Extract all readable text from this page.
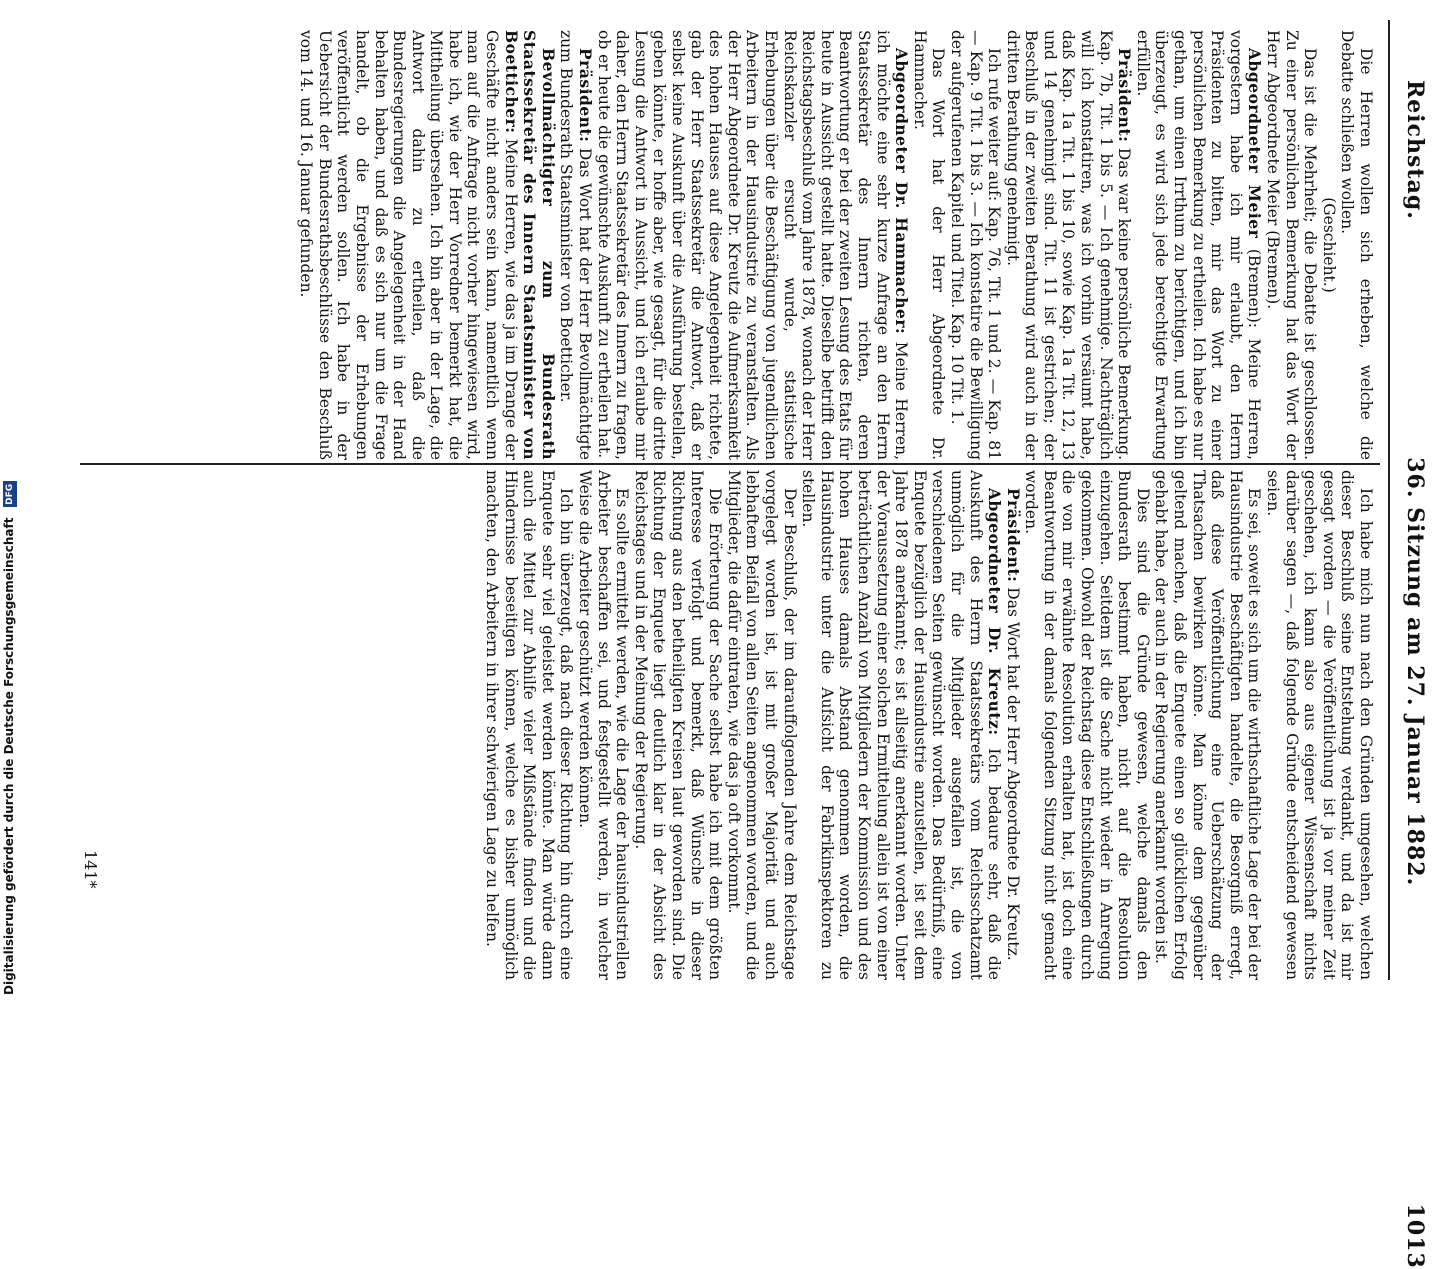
Reichstag.  36. Sitzung am 27. Januar 1882.  1013

Ich habe mich nun nach den Gründen umgesehen, welchen dieser Beschluß seine Entstehung verdankt, und da ist mir gesagt worden — die Veröffentlichung ist ja vor meiner Zeit geschehen, ich kann also aus eigener Wissenschaft nichts darüber sagen —, daß folgende Gründe entscheidend gewesen seien.

Es sei, soweit es sich um die wirthschaftliche Lage der bei der Hausindustrie Beschäftigten handelte, die Besorgniß erregt, daß diese Veröffentlichung eine Ueberschätzung der Thatsachen bewirken könne. Man könne dem gegenüber geltend machen, daß die Enquete einen so glücklichen Erfolg gehabt habe, der auch in der Regierung anerkannt worden ist.

Dies sind die Gründe gewesen, welche damals den Bundesrath bestimmt haben, nicht auf die Resolution einzugehen. Seitdem ist die Sache nicht wieder in Anregung gekommen. Obwohl der Reichstag diese Entschließungen durch die von mir erwähnte Resolution erhalten hat, ist doch eine Beantwortung in der damals folgenden Sitzung nicht gemacht worden.

Präsident: Das Wort hat der Herr Abgeordnete Dr. Kreutz.

Abgeordneter Dr. Kreutz: Ich bedaure sehr, daß die Auskunft des Herrn Staatssekretärs vom Reichsschatzamt unmöglich für die Mitglieder ausgefallen ist, die von verschiedenen Seiten gewünscht worden. Das Bedürfniß, eine Enquete bezüglich der Hausindustrie anzustellen, ist seit dem Jahre 1878 anerkannt; es ist allseitig anerkannt worden. Unter der Voraussetzung einer solchen Ermittelung allein ist von einer beträchtlichen Anzahl von Mitgliedern der Kommission und des hohen Hauses damals Abstand genommen worden, die Hausindustrie unter die Aufsicht der Fabrikinspektoren zu stellen.

Der Beschluß, der im darauffolgenden Jahre dem Reichstage vorgelegt worden ist, ist mit großer Majorität und auch lebhaftem Beifall von allen Seiten angenommen worden, und die Mitglieder, die dafür eintraten, wie das ja oft vorkommt.

Die Erörterung der Sache selbst habe ich mit dem größten Interesse verfolgt und bemerkt, daß Wünsche in dieser Richtung aus den betheiligten Kreisen laut geworden sind. Die Richtung der Enquete liegt deutlich klar in der Absicht des Reichstages und in der Meinung der Regierung.

Es sollte ermittelt werden, wie die Lage der hausindustriellen Arbeiter beschaffen sei, und festgestellt werden, in welcher Weise die Arbeiter geschützt werden können.

Ich bin überzeugt, daß nach dieser Richtung hin durch eine Enquete sehr viel geleistet werden könnte. Man würde dann auch die Mittel zur Abhilfe vieler Mißstände finden und die Hindernisse beseitigen können, welche es bisher unmöglich machten, den Arbeitern in ihrer schwierigen Lage zu helfen.

Die Herren wollen sich erheben, welche die Debatte schließen wollen.

(Geschieht.)

Das ist die Mehrheit; die Debatte ist geschlossen. Zu einer persönlichen Bemerkung hat das Wort der Herr Abgeordnete Meier (Bremen).

Abgeordneter Meier (Bremen): Meine Herren, vorgestern habe ich mir erlaubt, den Herrn Präsidenten zu bitten, mir das Wort zu einer persönlichen Bemerkung zu ertheilen. Ich habe es nur gethan, um einen Irrthum zu berichtigen, und ich bin überzeugt, es wird sich jede berechtigte Erwartung erfüllen.

Präsident: Das war keine persönliche Bemerkung. Kap. 7b, Tit. 1 bis 5. — Ich genehmige. Nachträglich will ich konstatiren, was ich vorhin versäumt habe, daß Kap. 1a Tit. 1 bis 10, sowie Kap. 1a Tit. 12, 13 und 14 genehmigt sind. Tit. 11 ist gestrichen; der Beschluß in der zweiten Berathung wird auch in der dritten Berathung genehmigt.

Ich rufe weiter auf: Kap. 76, Tit. 1 und 2. — Kap. 81 — Kap. 9 Tit. 1 bis 3. — Ich konstatire die Bewilligung der aufgerufenen Kapitel und Titel. Kap. 10 Tit. 1.

Das Wort hat der Herr Abgeordnete Dr. Hammacher.

Abgeordneter Dr. Hammacher: Meine Herren, ich möchte eine sehr kurze Anfrage an den Herrn Staatssekretär des Innern richten, deren Beantwortung er bei der zweiten Lesung des Etats für heute in Aussicht gestellt hatte. Dieselbe betrifft den Reichstagsbeschluß vom Jahre 1878, wonach der Herr Reichskanzler ersucht wurde, statistische Erhebungen über die Beschäftigung von jugendlichen Arbeitern in der Hausindustrie zu veranstalten. Als der Herr Abgeordnete Dr. Kreutz die Aufmerksamkeit des hohen Hauses auf diese Angelegenheit richtete, gab der Herr Staatssekretär die Antwort, daß er selbst keine Auskunft über die Ausführung bestellen, geben könnte, er hoffe aber, wie gesagt, für die dritte Lesung die Antwort in Aussicht, und ich erlaube mir daher, den Herrn Staatssekretär des Innern zu fragen, ob er heute die gewünschte Auskunft zu ertheilen hat.

Präsident: Das Wort hat der Herr Bevollmächtigte zum Bundesrath Staatsminister von Boetticher.

Bevollmächtigter zum Bundesrath Staatssekretär des Innern Staatsminister von Boetticher: Meine Herren, wie das ja im Drange der Geschäfte nicht anders sein kann, namentlich wenn man auf die Anfrage nicht vorher hingewiesen wird, habe ich, wie der Herr Vorredner bemerkt hat, die Mittheilung übersehen. Ich bin aber in der Lage, die Antwort dahin zu ertheilen, daß die Bundesregierungen die Angelegenheit in der Hand behalten haben, und daß es sich nur um die Frage handelt, ob die Ergebnisse der Erhebungen veröffentlicht werden sollen. Ich habe in der Uebersicht der Bundesrathsbeschlüsse den Beschluß vom 14. und 16. Januar gefunden.

141*
Digitalisierung gefördert durch die Deutsche Forschungsgemeinschaft DFG
